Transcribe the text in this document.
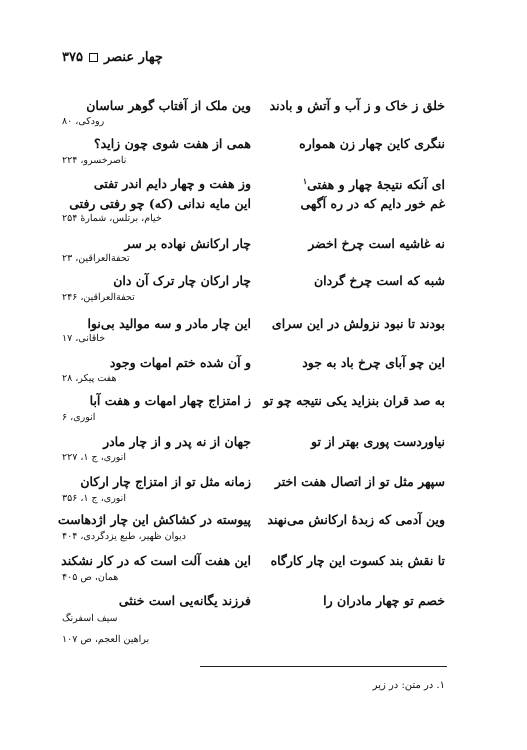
چهار عنصر
۳۷۵
خلق ز خاک و ز آب و آتش و بادند
وین ملک از آفتاب گوهر ساسان
رودکی، ۸۰
ننگری کاین چهار زن همواره
همی از هفت شوی چون زاید؟
ناصرخسرو، ۲۲۴
ای آنکه نتیجهٔ چهار و هفتی$^۱$
وز هفت و چهار دایم اندر تفتی
غم خور دایم که در ره آگهی
این مایه ندانی (که) چو رفتی رفتی
خیام، برتلس، شمارهٔ ۲۵۴
نه غاشیه است چرخ اخضر
چار ارکانش نهاده بر سر
تحفة‌العراقین، ۲۳
شبه که است چرخ گردان
چار ارکان چار ترک آن دان
تحفة‌العراقین، ۲۴۶
بودند تا نبود نزولش در این سرای
این چار مادر و سه موالید بی‌نوا
خاقانی، ۱۷
این چو آبای چرخ باد به جود
و آن شده ختم امهات وجود
هفت پیکر، ۲۸
به صد قران بنزاید یکی نتیجه چو تو
ز امتزاج چهار امهات و هفت آبا
انوری، ۶
نیاوردست پوری بهتر از تو
جهان از نه پدر و از چار مادر
انوری، ج ۱، ۲۲۷
سپهر مثل تو از اتصال هفت اختر
زمانه مثل تو از امتزاج چار ارکان
انوری، ج ۱، ۳۵۶
وین آدمی که زبدهٔ ارکانش می‌نهند
پیوسته در کشاکش این چار اژدهاست
دیوان ظهیر، طبع یزدگردی، ۴۰۴
تا نقش بند کسوت این چار کارگاه
این هفت آلت است که در کار نشکند
همان، ص ۴۰۵
خصم تو چهار مادران را
فرزند یگانه‌یی است خنثی
سیف اسفرنگ
براهین العجم، ص ۱۰۷
۱. در متن: در زیر
